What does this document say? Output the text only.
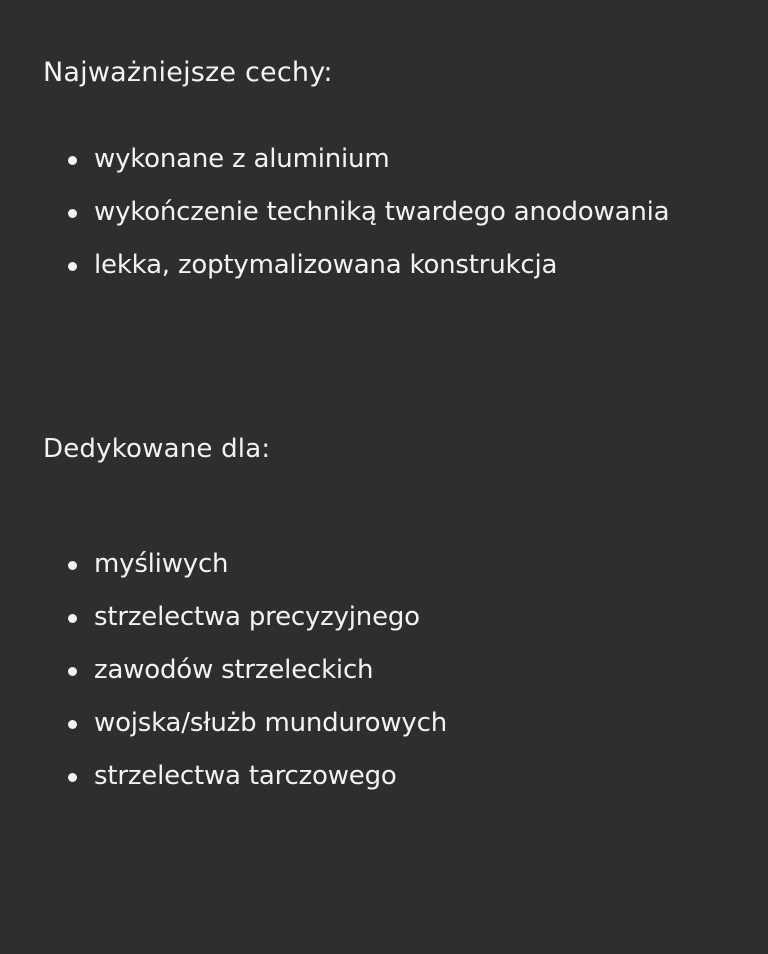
Najważniejsze cechy:
wykonane z aluminium
wykończenie techniką twardego anodowania
lekka, zoptymalizowana konstrukcja
Dedykowane dla:
myśliwych
strzelectwa precyzyjnego
zawodów strzeleckich
wojska/służb mundurowych
strzelectwa tarczowego
